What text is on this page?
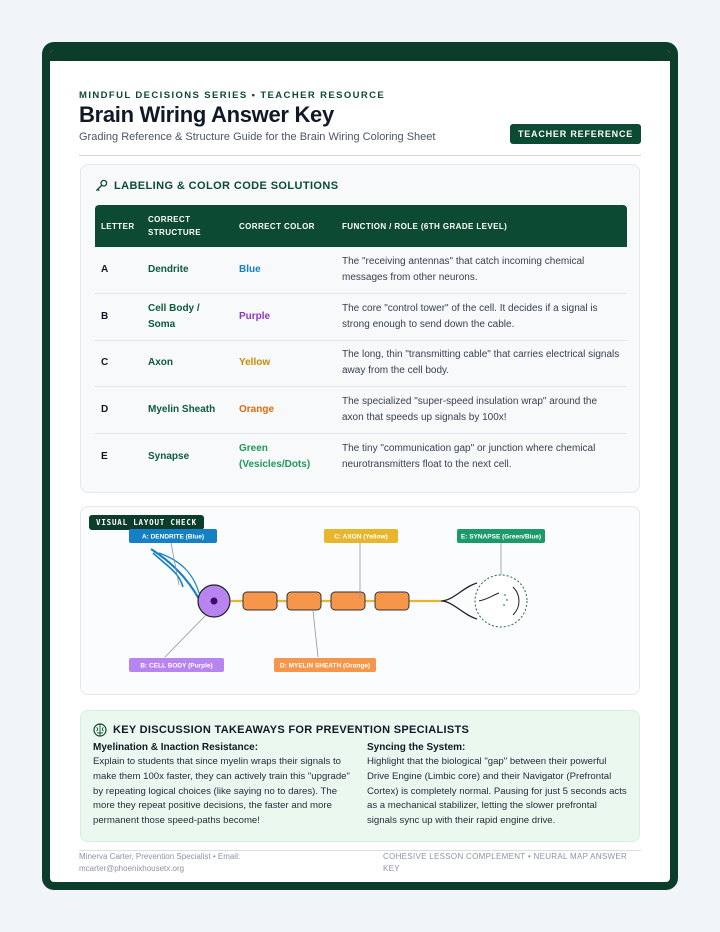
MINDFUL DECISIONS SERIES • TEACHER RESOURCE
Brain Wiring Answer Key
Grading Reference & Structure Guide for the Brain Wiring Coloring Sheet	TEACHER REFERENCE
LABELING & COLOR CODE SOLUTIONS
LETTER	CORRECT STRUCTURE	CORRECT COLOR	FUNCTION / ROLE (6TH GRADE LEVEL)
A	Dendrite	Blue	The "receiving antennas" that catch incoming chemical messages from other neurons.
B	Cell Body / Soma	Purple	The core "control tower" of the cell. It decides if a signal is strong enough to send down the cable.
C	Axon	Yellow	The long, thin "transmitting cable" that carries electrical signals away from the cell body.
D	Myelin Sheath	Orange	The specialized "super-speed insulation wrap" around the axon that speeds up signals by 100x!
E	Synapse	Green (Vesicles/Dots)	The tiny "communication gap" or junction where chemical neurotransmitters float to the next cell.
VISUAL LAYOUT CHECK
A: DENDRITE (Blue)	C: AXON (Yellow)	E: SYNAPSE (Green/Blue)
B: CELL BODY (Purple)	D: MYELIN SHEATH (Orange)
KEY DISCUSSION TAKEAWAYS FOR PREVENTION SPECIALISTS
Myelination & Inaction Resistance:

Explain to students that since myelin wraps their signals to make them 100x faster, they can actively train this "upgrade" by repeating logical choices (like saying no to dares). The more they repeat positive decisions, the faster and more permanent those speed-paths become!

Syncing the System:

Highlight that the biological "gap" between their powerful Drive Engine (Limbic core) and their Navigator (Prefrontal Cortex) is completely normal. Pausing for just 5 seconds acts as a mechanical stabilizer, letting the slower prefrontal signals sync up with their rapid engine drive.

Minerva Carter, Prevention Specialist • Email: mcarter@phoenixhousetx.org
COHESIVE LESSON COMPLEMENT • NEURAL MAP ANSWER KEY
